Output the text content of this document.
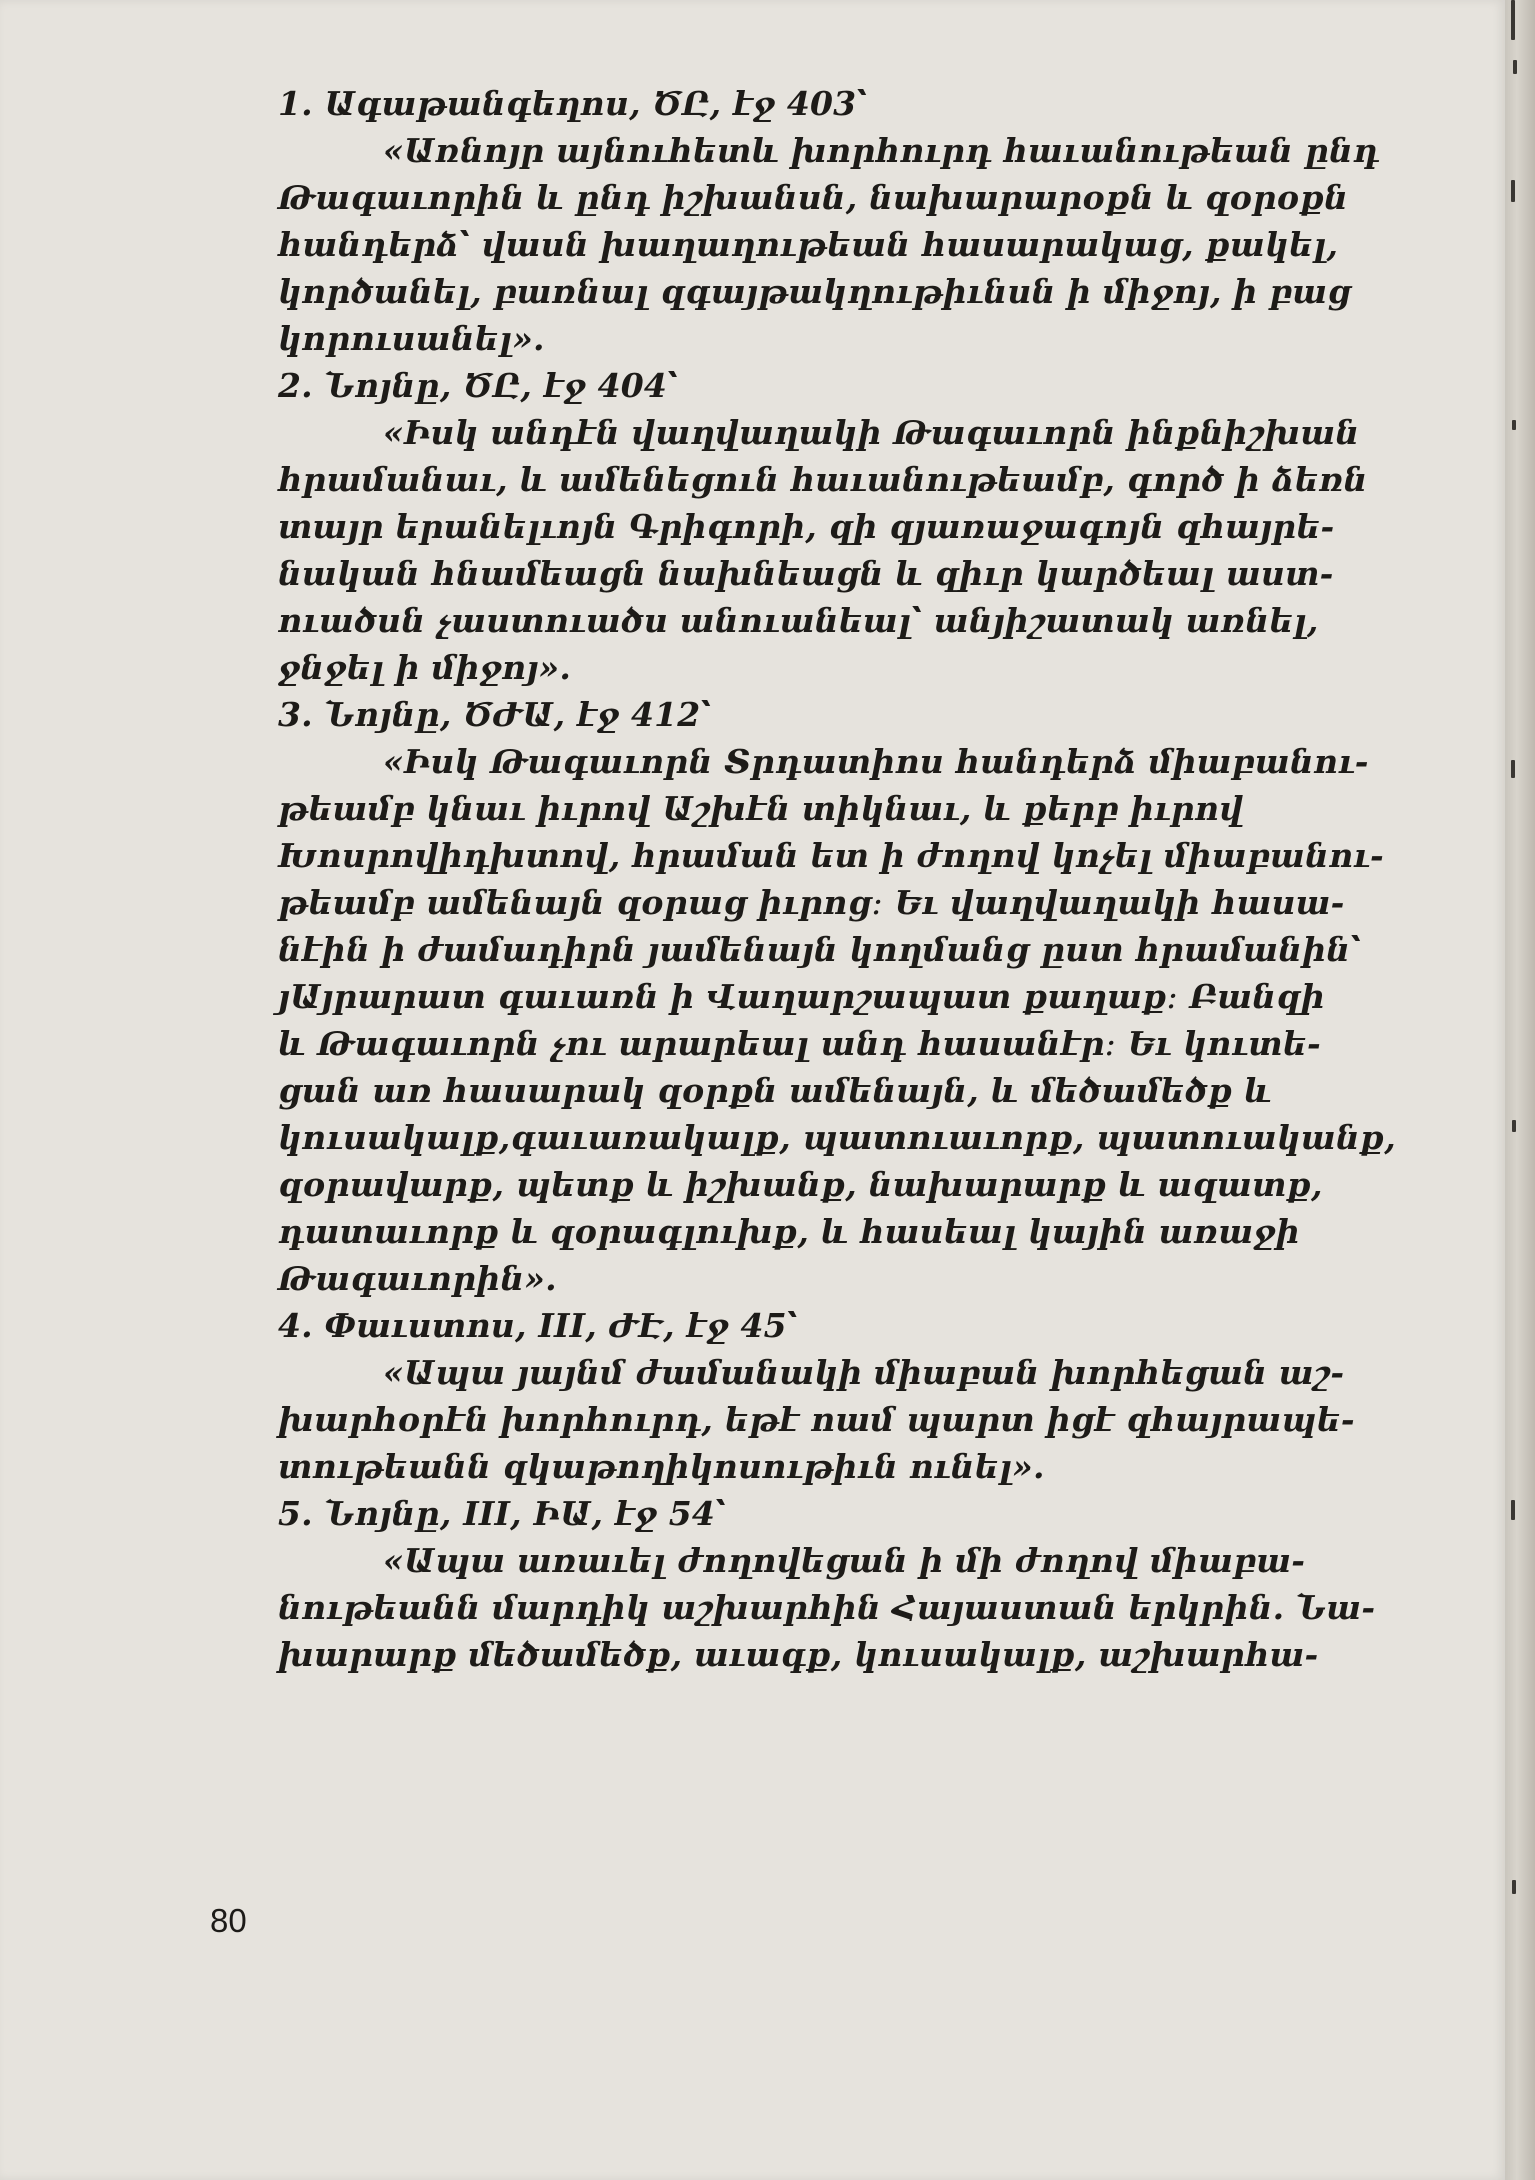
1. Ագաթանգեղոս, ԾԸ, էջ 403՝
«Առնոյր այնուհետև խորհուրդ հաւանութեան ընդ
Թագաւորին և ընդ իշխանսն, նախարարօքն և զօրօքն
հանդերձ՝ վասն խաղաղութեան հասարակաց, քակել,
կործանել, բառնալ զգայթակղութիւնսն ի միջոյ, ի բաց
կորուսանել».
2. Նոյնը, ԾԸ, էջ 404՝
«Իսկ անդէն վաղվաղակի Թագաւորն ինքնիշխան
հրամանաւ, և ամենեցուն հաւանութեամբ, գործ ի ձեռն
տայր երանելւոյն Գրիգորի, զի զյառաջագոյն զհայրե-
նական հնամեացն նախնեացն և զիւր կարծեալ աստ-
ուածսն չաստուածս անուանեալ՝ անյիշատակ առնել,
ջնջել ի միջոյ».
3. Նոյնը, ԾԺԱ, էջ 412՝
«Իսկ Թագաւորն Տրդատիոս հանդերձ միաբանու-
թեամբ կնաւ իւրով Աշխէն տիկնաւ, և քերբ իւրով
Խոսրովիդխտով, հրաման ետ ի ժողով կոչել միաբանու-
թեամբ ամենայն զօրաց իւրոց։ Եւ վաղվաղակի հասա-
նէին ի ժամադիրն յամենայն կողմանց ըստ հրամանին՝
յԱյրարատ գաւառն ի Վաղարշապատ քաղաք։ Բանզի
և Թագաւորն չու արարեալ անդ հասանէր։ Եւ կուտե-
ցան առ հասարակ զօրքն ամենայն, և մեծամեծք և
կուսակալք,գաւառակալք, պատուաւորք, պատուականք,
զօրավարք, պետք և իշխանք, նախարարք և ազատք,
դատաւորք և զօրագլուխք, և հասեալ կային առաջի
Թագաւորին».
4. Փաւստոս, III, ԺԷ, էջ 45՝
«Ապա յայնմ ժամանակի միաբան խորհեցան աշ-
խարհօրէն խորհուրդ, եթէ ոամ պարտ իցէ զհայրապե-
տութեանն զկաթողիկոսութիւն ունել».
5. Նոյնը, III, ԻԱ, էջ 54՝
«Ապա առաւել ժողովեցան ի մի ժողով միաբա-
նութեանն մարդիկ աշխարհին Հայաստան երկրին. Նա-
խարարք մեծամեծք, աւագք, կուսակալք, աշխարհա-
80
